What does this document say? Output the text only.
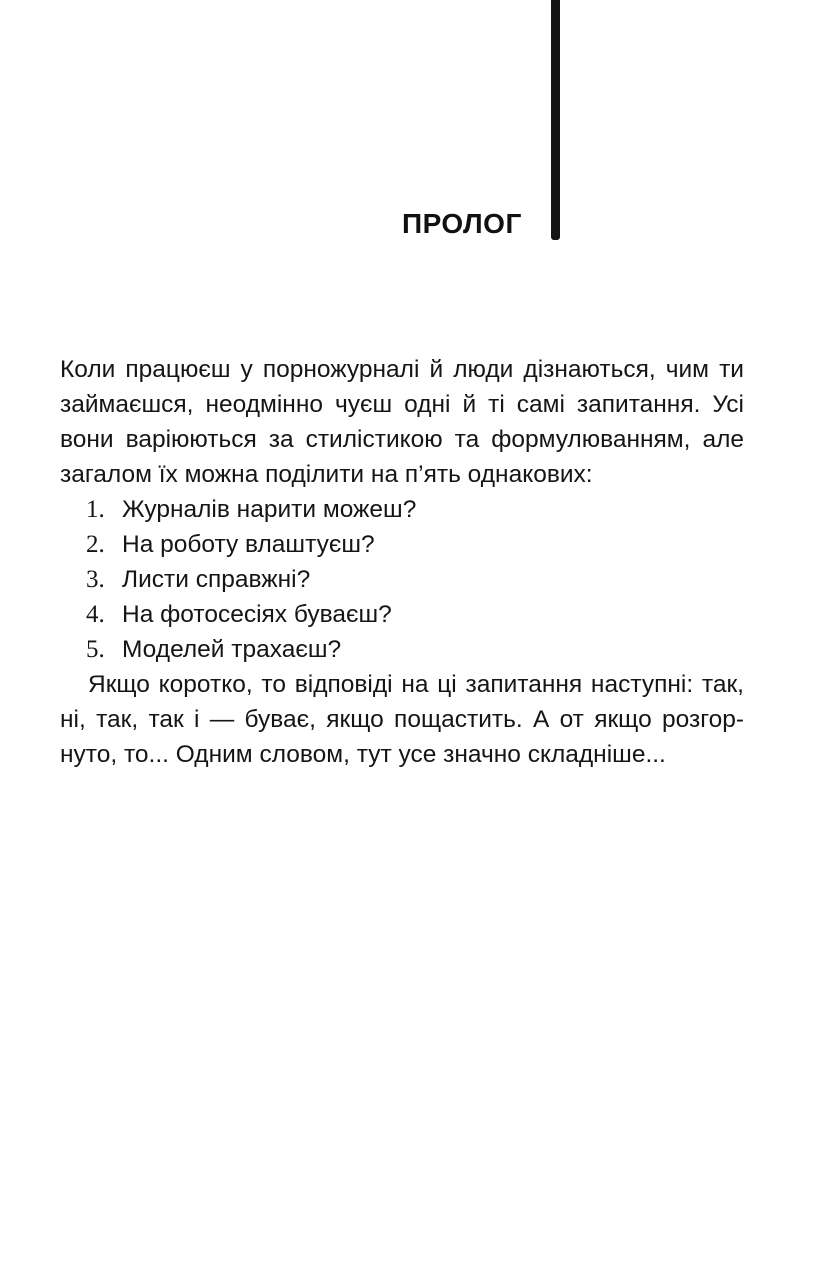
ПРОЛОГ
Коли працюєш у порножурналі й люди дізнаються, чим ти
займаєшся, неодмінно чуєш одні й ті самі запитання. Усі
вони варіюються за стилістикою та формулюванням, але
загалом їх можна поділити на п’ять однакових:
1. Журналів нарити можеш?
2. На роботу влаштуєш?
3. Листи справжні?
4. На фотосесіях буваєш?
5. Моделей трахаєш?
Якщо коротко, то відповіді на ці запитання наступні: так,
ні, так, так і — буває, якщо пощастить. А от якщо розгор-
нуто, то... Одним словом, тут усе значно складніше...
